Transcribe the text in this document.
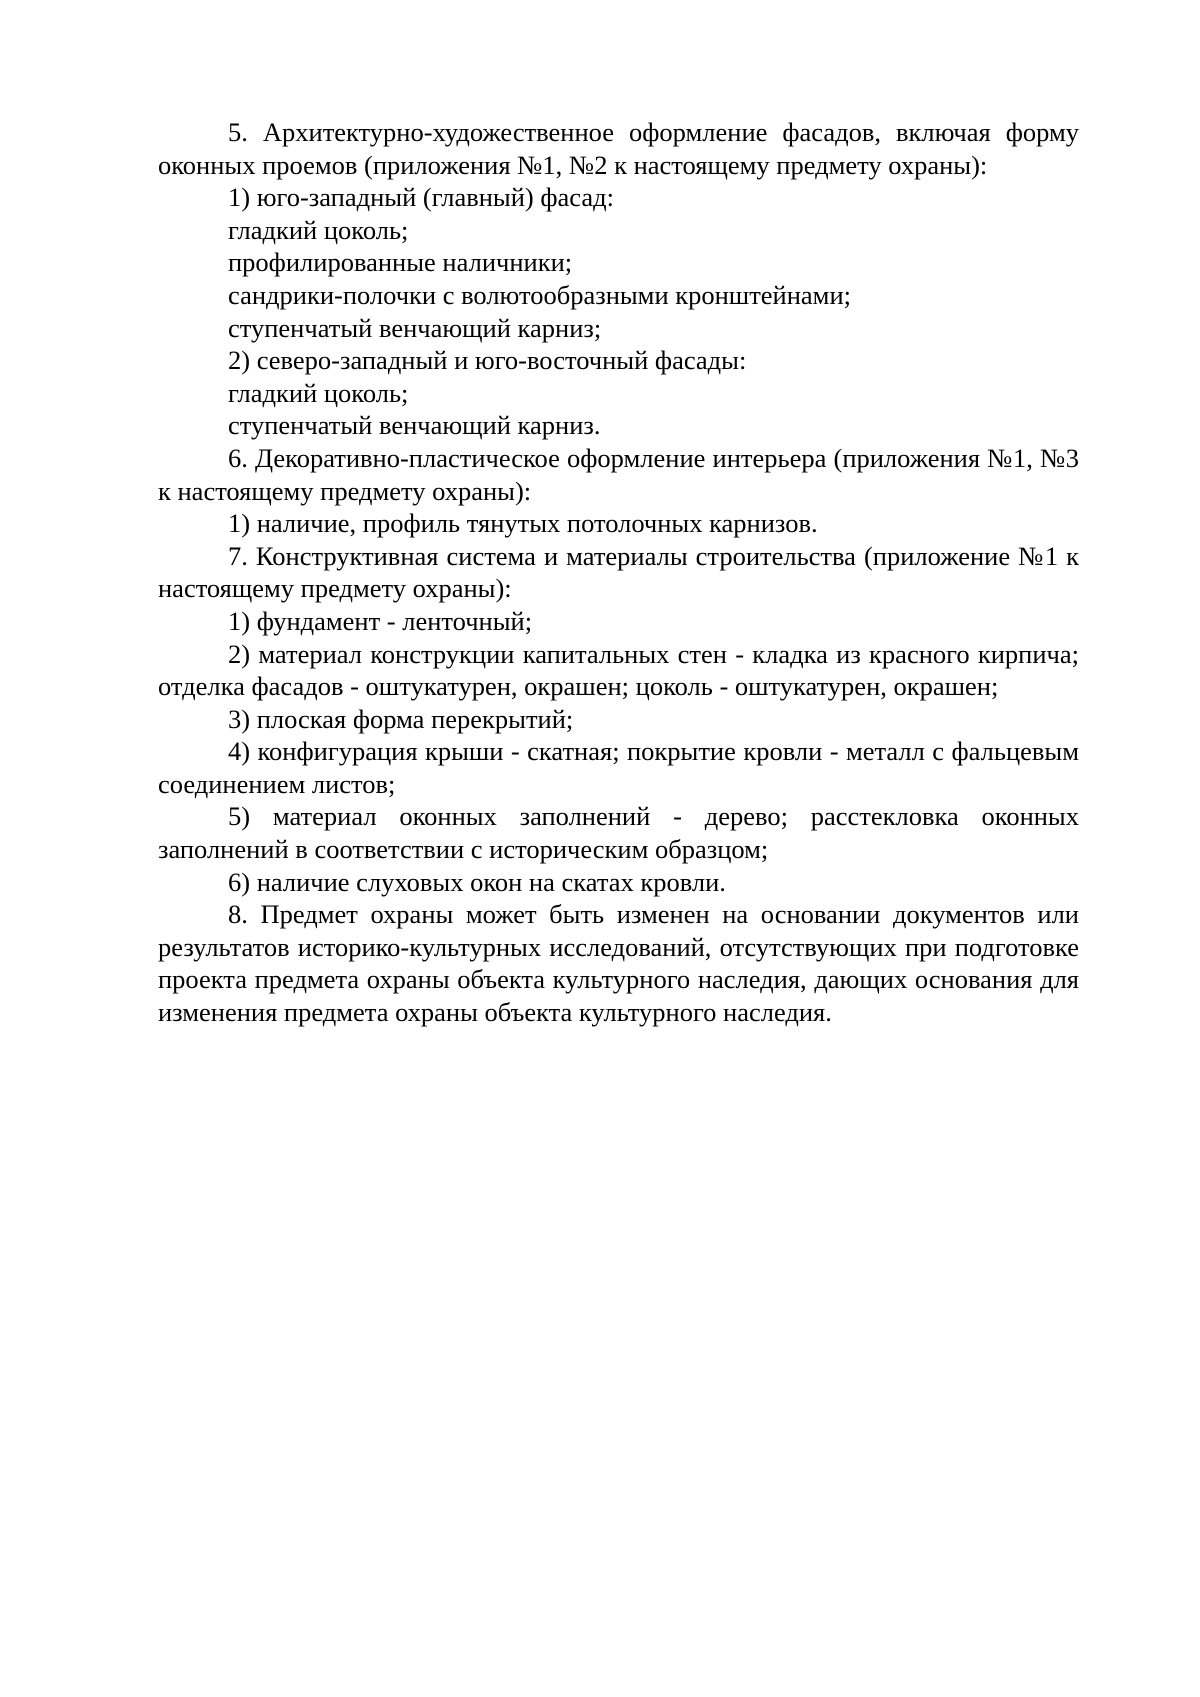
5. Архитектурно-художественное оформление фасадов, включая форму оконных проемов (приложения №1, №2 к настоящему предмету охраны):

1) юго-западный (главный) фасад:

гладкий цоколь;

профилированные наличники;

сандрики-полочки с волютообразными кронштейнами;

ступенчатый венчающий карниз;

2) северо-западный и юго-восточный фасады:

гладкий цоколь;

ступенчатый венчающий карниз.

6. Декоративно-пластическое оформление интерьера (приложения №1, №3 к настоящему предмету охраны):

1) наличие, профиль тянутых потолочных карнизов.

7. Конструктивная система и материалы строительства (приложение №1 к настоящему предмету охраны):

1) фундамент - ленточный;

2) материал конструкции капитальных стен - кладка из красного кирпича; отделка фасадов - оштукатурен, окрашен; цоколь - оштукатурен, окрашен;

3) плоская форма перекрытий;

4) конфигурация крыши - скатная; покрытие кровли - металл с фальцевым соединением листов;

5) материал оконных заполнений - дерево; расстекловка оконных заполнений в соответствии с историческим образцом;

6) наличие слуховых окон на скатах кровли.

8. Предмет охраны может быть изменен на основании документов или результатов историко-культурных исследований, отсутствующих при подготовке проекта предмета охраны объекта культурного наследия, дающих основания для изменения предмета охраны объекта культурного наследия.
